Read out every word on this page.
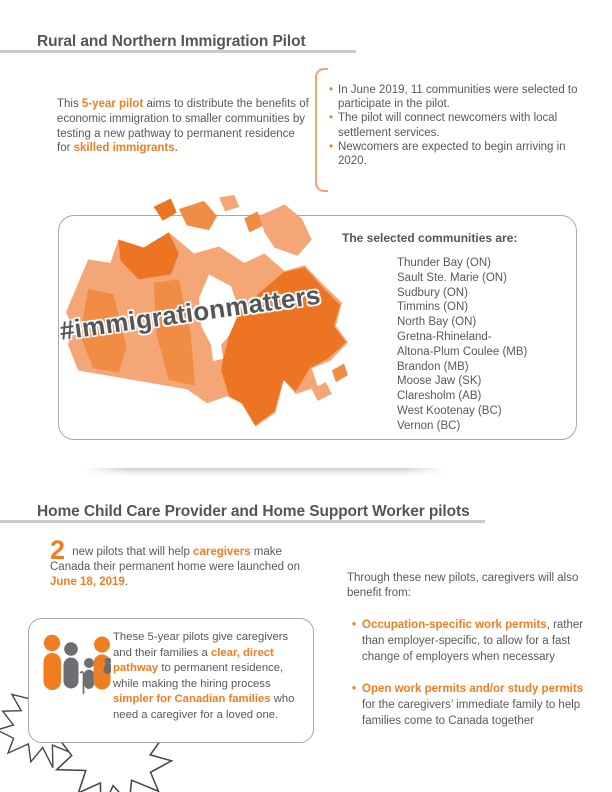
Rural and Northern Immigration Pilot
This 5-year pilot aims to distribute the benefits of economic immigration to smaller communities by testing a new pathway to permanent residence for skilled immigrants.
• In June 2019, 11 communities were selected to participate in the pilot.
• The pilot will connect newcomers with local settlement services.
• Newcomers are expected to begin arriving in 2020.
#immigrationmatters
The selected communities are:
Thunder Bay (ON)
Sault Ste. Marie (ON)
Sudbury (ON)
Timmins (ON)
North Bay (ON)
Gretna-Rhineland-
Altona-Plum Coulee (MB)
Brandon (MB)
Moose Jaw (SK)
Claresholm (AB)
West Kootenay (BC)
Vernon (BC)
Home Child Care Provider and Home Support Worker pilots
2 new pilots that will help caregivers make Canada their permanent home were launched on June 18, 2019.
These 5-year pilots give caregivers and their families a clear, direct pathway to permanent residence, while making the hiring process simpler for Canadian families who need a caregiver for a loved one.
Through these new pilots, caregivers will also benefit from:
• Occupation-specific work permits, rather than employer-specific, to allow for a fast change of employers when necessary
• Open work permits and/or study permits for the caregivers’ immediate family to help families come to Canada together
